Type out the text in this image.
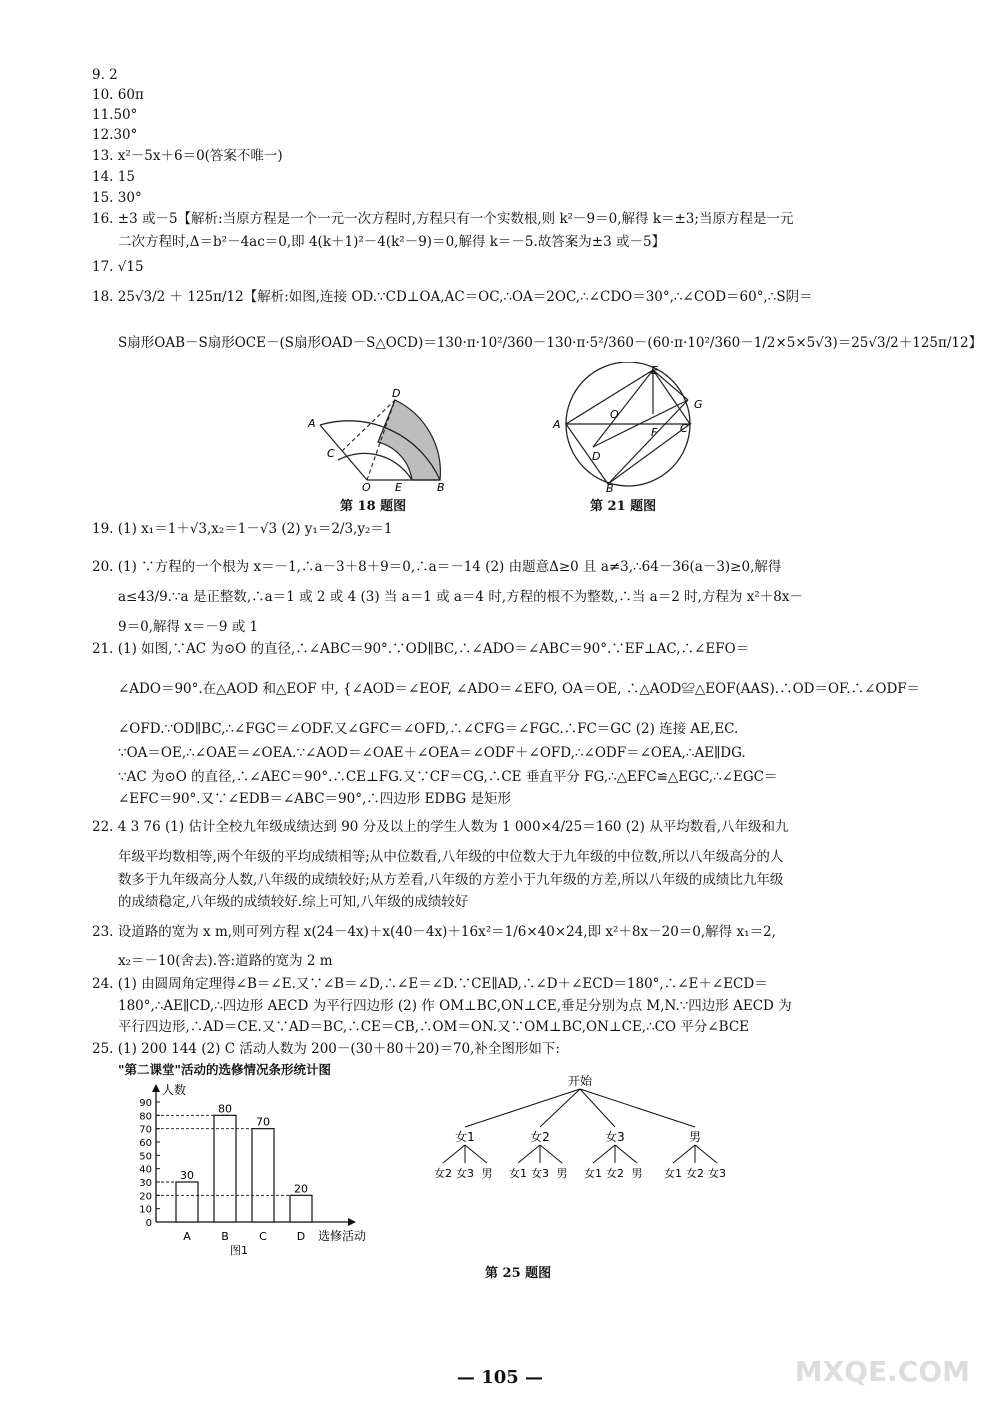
9. 2
10. 60π
11.50°
12.30°
13. x²－5x＋6＝0(答案不唯一)
14. 15
15. 30°
16. ±3 或－5【解析:当原方程是一个一元一次方程时,方程只有一个实数根,则 k²－9＝0,解得 k＝±3;当原方程是一元
二次方程时,Δ＝b²－4ac＝0,即 4(k＋1)²－4(k²－9)＝0,解得 k＝－5.故答案为±3 或－5】
17. √15
18. 25√3/2 ＋ 125π/12【解析:如图,连接 OD.∵CD⊥OA,AC＝OC,∴OA＝2OC,∴∠CDO＝30°,∴∠COD＝60°,∴S阴＝
S扇形OAB－S扇形OCE－(S扇形OAD－S△OCD)＝130·π·10²/360－130·π·5²/360－(60·π·10²/360－1/2×5×5√3)＝25√3/2＋125π/12】
A
D
C
O E	B
第 18 题图
E
G
A
O
F C
D
B
第 21 题图
19. (1) x₁＝1＋√3,x₂＝1－√3 (2) y₁＝2/3,y₂＝1
20. (1) ∵方程的一个根为 x＝－1,∴a－3＋8＋9＝0,∴a＝－14 (2) 由题意Δ≥0 且 a≠3,∴64－36(a－3)≥0,解得
a≤43/9.∵a 是正整数,∴a＝1 或 2 或 4 (3) 当 a＝1 或 a＝4 时,方程的根不为整数,∴当 a＝2 时,方程为 x²＋8x－
9＝0,解得 x＝－9 或 1
21. (1) 如图,∵AC 为⊙O 的直径,∴∠ABC＝90°.∵OD∥BC,∴∠ADO＝∠ABC＝90°.∵EF⊥AC,∴∠EFO＝
∠ADO＝90°.在△AOD 和△EOF 中, {∠AOD＝∠EOF, ∠ADO＝∠EFO, OA＝OE, ∴△AOD≌△EOF(AAS).∴OD＝OF.∴∠ODF＝
∠OFD.∵OD∥BC,∴∠FGC＝∠ODF.又∠GFC＝∠OFD,∴∠CFG＝∠FGC.∴FC＝GC (2) 连接 AE,EC.
∵OA＝OE,∴∠OAE＝∠OEA.∵∠AOD＝∠OAE＋∠OEA＝∠ODF＋∠OFD,∴∠ODF＝∠OEA,∴AE∥DG.
∵AC 为⊙O 的直径,∴∠AEC＝90°.∴CE⊥FG.又∵CF＝CG,∴CE 垂直平分 FG,∴△EFC≌△EGC,∴∠EGC＝
∠EFC＝90°.又∵∠EDB＝∠ABC＝90°,∴四边形 EDBG 是矩形
22. 4 3 76 (1) 估计全校九年级成绩达到 90 分及以上的学生人数为 1 000×4/25＝160 (2) 从平均数看,八年级和九
年级平均数相等,两个年级的平均成绩相等;从中位数看,八年级的中位数大于九年级的中位数,所以八年级高分的人
数多于九年级高分人数,八年级的成绩较好;从方差看,八年级的方差小于九年级的方差,所以八年级的成绩比九年级
的成绩稳定,八年级的成绩较好.综上可知,八年级的成绩较好
23. 设道路的宽为 x m,则可列方程 x(24－4x)＋x(40－4x)＋16x²＝1/6×40×24,即 x²＋8x－20＝0,解得 x₁＝2,
x₂＝－10(舍去).答:道路的宽为 2 m
24. (1) 由圆周角定理得∠B＝∠E.又∵∠B＝∠D,∴∠E＝∠D.∵CE∥AD,∴∠D＋∠ECD＝180°,∴∠E＋∠ECD＝
180°,∴AE∥CD,∴四边形 AECD 为平行四边形 (2) 作 OM⊥BC,ON⊥CE,垂足分别为点 M,N.∵四边形 AECD 为
平行四边形,∴AD＝CE.又∵AD＝BC,∴CE＝CB,∴OM＝ON.又∵OM⊥BC,ON⊥CE,∴CO 平分∠BCE
25. (1) 200 144 (2) C 活动人数为 200－(30＋80＋20)＝70,补全图形如下:
"第二课堂"活动的选修情况条形统计图
人数
选修活动
0
10
20
30
40
50
60
70
80
90
30
A
80
B
70
C
20
D
图1
开始
女1
女2 女3 男
女2
女1 女3 男
女3
女1 女2 男
男
女1 女2 女3
第 25 题图
— 105 —	MXQE.COM
